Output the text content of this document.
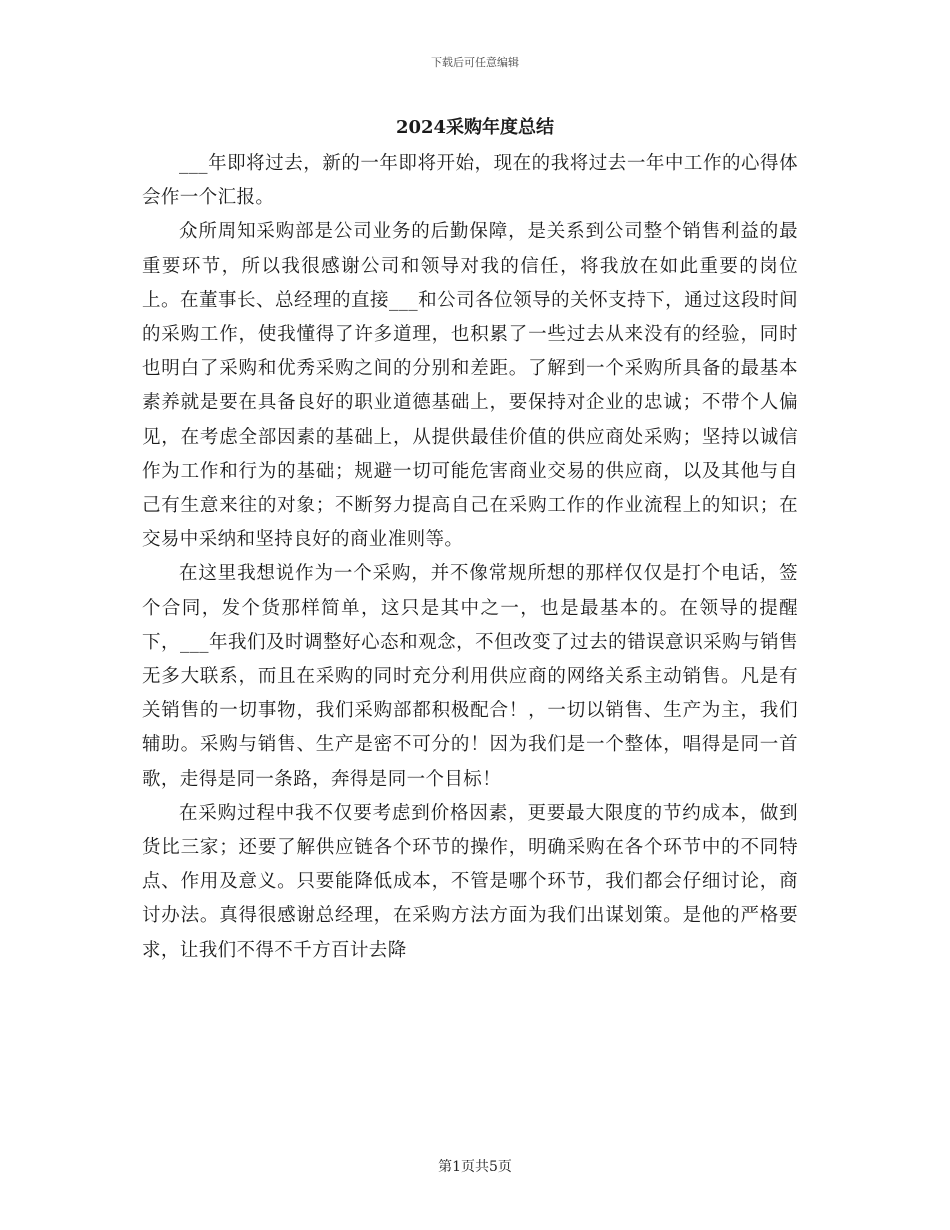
下载后可任意编辑
2024采购年度总结

___年即将过去，新的一年即将开始，现在的我将过去一年中工作的心得体会作一个汇报。

众所周知采购部是公司业务的后勤保障，是关系到公司整个销售利益的最重要环节，所以我很感谢公司和领导对我的信任，将我放在如此重要的岗位上。在董事长、总经理的直接___和公司各位领导的关怀支持下，通过这段时间的采购工作，使我懂得了许多道理，也积累了一些过去从来没有的经验，同时也明白了采购和优秀采购之间的分别和差距。了解到一个采购所具备的最基本素养就是要在具备良好的职业道德基础上，要保持对企业的忠诚；不带个人偏见，在考虑全部因素的基础上，从提供最佳价值的供应商处采购；坚持以诚信作为工作和行为的基础；规避一切可能危害商业交易的供应商，以及其他与自己有生意来往的对象；不断努力提高自己在采购工作的作业流程上的知识；在交易中采纳和坚持良好的商业准则等。

在这里我想说作为一个采购，并不像常规所想的那样仅仅是打个电话，签个合同，发个货那样简单，这只是其中之一，也是最基本的。在领导的提醒下，___年我们及时调整好心态和观念，不但改变了过去的错误意识采购与销售无多大联系，而且在采购的同时充分利用供应商的网络关系主动销售。凡是有关销售的一切事物，我们采购部都积极配合！，一切以销售、生产为主，我们辅助。采购与销售、生产是密不可分的！因为我们是一个整体，唱得是同一首歌，走得是同一条路，奔得是同一个目标！

在采购过程中我不仅要考虑到价格因素，更要最大限度的节约成本，做到货比三家；还要了解供应链各个环节的操作，明确采购在各个环节中的不同特点、作用及意义。只要能降低成本，不管是哪个环节，我们都会仔细讨论，商讨办法。真得很感谢总经理，在采购方法方面为我们出谋划策。是他的严格要求，让我们不得不千方百计去降

第1页共5页
